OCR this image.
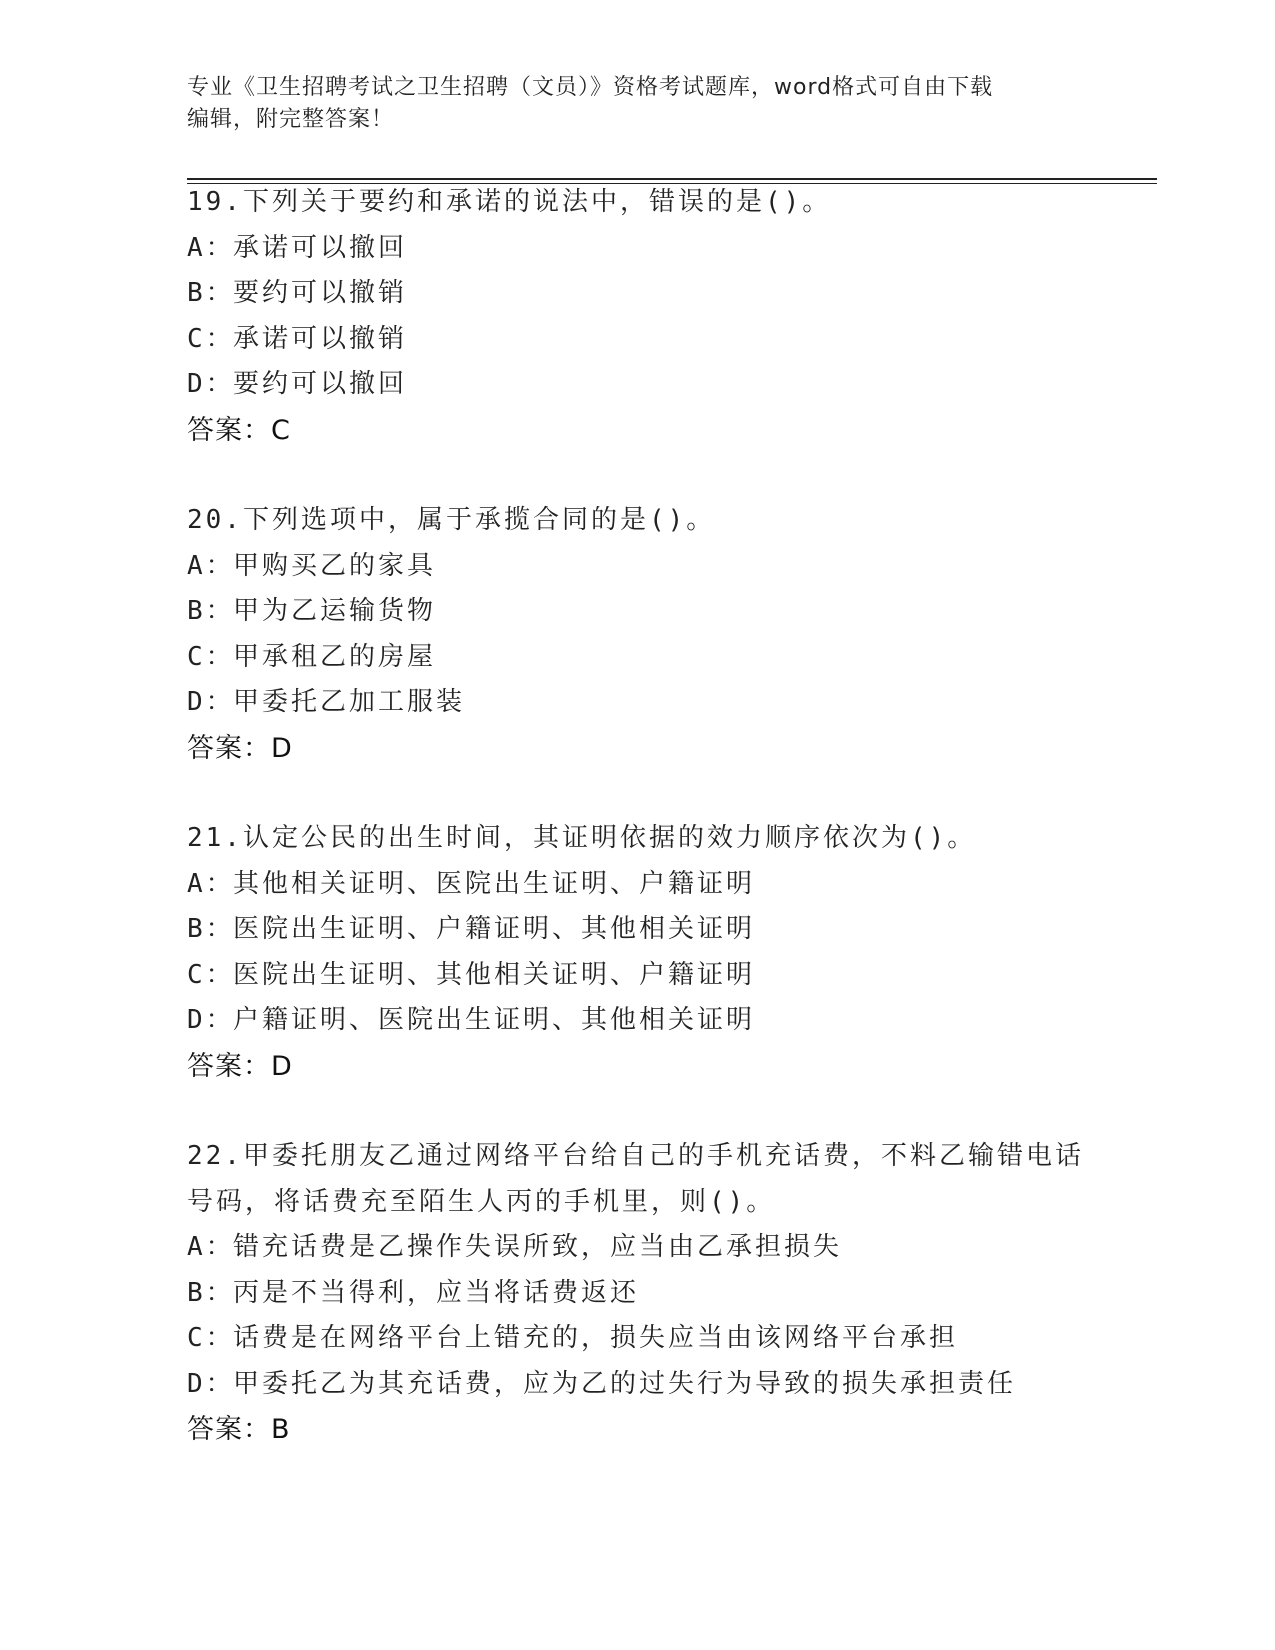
专业《卫生招聘考试之卫生招聘（文员）》资格考试题库，word格式可自由下载
编辑，附完整答案！
19.下列关于要约和承诺的说法中，错误的是()。
A：承诺可以撤回
B：要约可以撤销
C：承诺可以撤销
D：要约可以撤回
答案：C
20.下列选项中，属于承揽合同的是()。
A：甲购买乙的家具
B：甲为乙运输货物
C：甲承租乙的房屋
D：甲委托乙加工服装
答案：D
21.认定公民的出生时间，其证明依据的效力顺序依次为()。
A：其他相关证明、医院出生证明、户籍证明
B：医院出生证明、户籍证明、其他相关证明
C：医院出生证明、其他相关证明、户籍证明
D：户籍证明、医院出生证明、其他相关证明
答案：D
22.甲委托朋友乙通过网络平台给自己的手机充话费，不料乙输错电话
号码，将话费充至陌生人丙的手机里，则()。
A：错充话费是乙操作失误所致，应当由乙承担损失
B：丙是不当得利，应当将话费返还
C：话费是在网络平台上错充的，损失应当由该网络平台承担
D：甲委托乙为其充话费，应为乙的过失行为导致的损失承担责任
答案：B
